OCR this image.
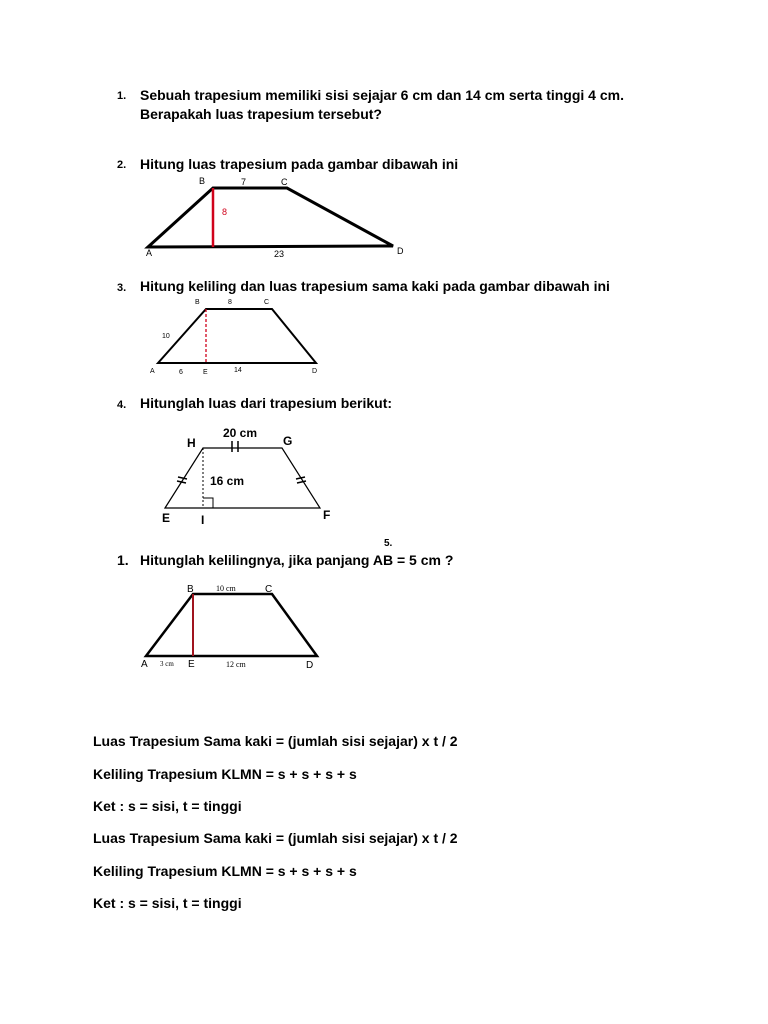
1. Sebuah trapesium memiliki sisi sejajar 6 cm dan 14 cm serta tinggi 4 cm.
Berapakah luas trapesium tersebut?
2. Hitung luas trapesium pada gambar dibawah ini
B	7	C
8
A	23	D
3. Hitung keliling dan luas trapesium sama kaki pada gambar dibawah ini
B	8	C
10
A	6	E	14	D
4. Hitunglah luas dari trapesium berikut:
20 cm
H	G
16 cm
E	I	F
5.
1. Hitunglah kelilingnya, jika panjang AB = 5 cm ?
B	10 cm	C
A 3 cm E	12 cm	D
Luas Trapesium Sama kaki = (jumlah sisi sejajar) x t / 2
Keliling Trapesium KLMN = s + s + s + s
Ket : s = sisi, t = tinggi
Luas Trapesium Sama kaki = (jumlah sisi sejajar) x t / 2
Keliling Trapesium KLMN = s + s + s + s
Ket : s = sisi, t = tinggi
